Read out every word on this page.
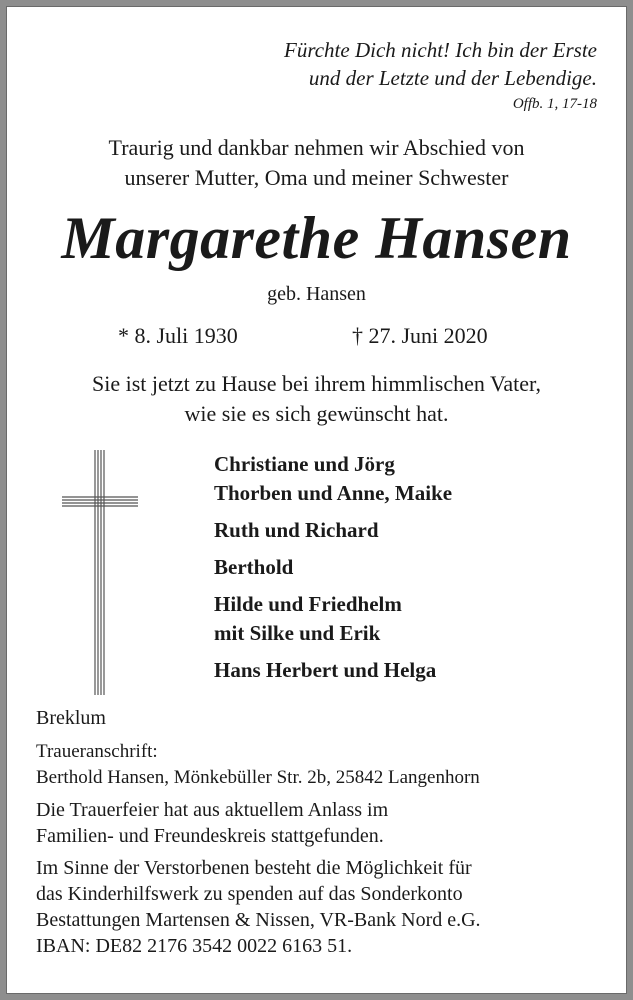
Fürchte Dich nicht! Ich bin der Erste
und der Letzte und der Lebendige.
Offb. 1, 17-18
Traurig und dankbar nehmen wir Abschied von
unserer Mutter, Oma und meiner Schwester
Margarethe Hansen
geb. Hansen
* 8. Juli 1930	† 27. Juni 2020
Sie ist jetzt zu Hause bei ihrem himmlischen Vater,
wie sie es sich gewünscht hat.
Christiane und Jörg
Thorben und Anne, Maike
Ruth und Richard
Berthold
Hilde und Friedhelm
mit Silke und Erik
Hans Herbert und Helga
Breklum
Traueranschrift:
Berthold Hansen, Mönkebüller Str. 2b, 25842 Langenhorn
Die Trauerfeier hat aus aktuellem Anlass im
Familien- und Freundeskreis stattgefunden.
Im Sinne der Verstorbenen besteht die Möglichkeit für
das Kinderhilfswerk zu spenden auf das Sonderkonto
Bestattungen Martensen & Nissen, VR-Bank Nord e.G.
IBAN: DE82 2176 3542 0022 6163 51.
